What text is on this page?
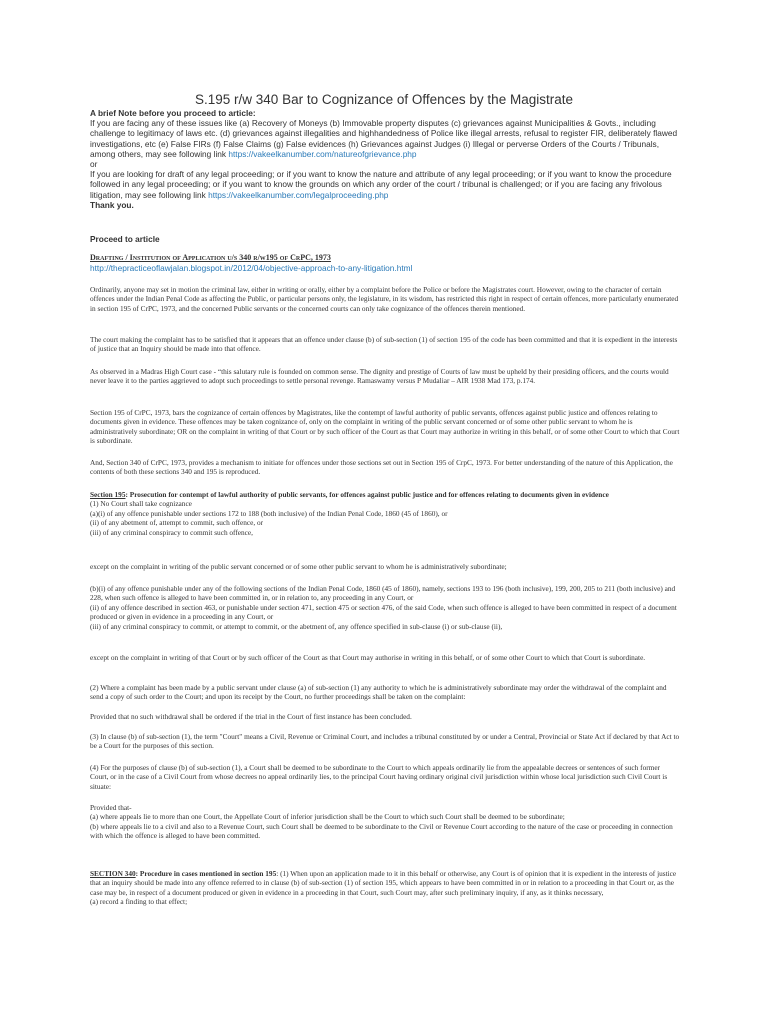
S.195 r/w 340 Bar to Cognizance of Offences by the Magistrate
A brief Note before you proceed to article:
If you are facing any of these issues like (a) Recovery of Moneys (b) Immovable property disputes (c) grievances against Municipalities & Govts., including challenge to legitimacy of laws etc. (d) grievances against illegalities and highhandedness of Police like illegal arrests, refusal to register FIR, deliberately flawed investigations, etc (e) False FIRs (f) False Claims (g) False evidences (h) Grievances against Judges (i) Illegal or perverse Orders of the Courts / Tribunals, among others, may see following link https://vakeelkanumber.com/natureofgrievance.php
or
If you are looking for draft of any legal proceeding; or if you want to know the nature and attribute of any legal proceeding; or if you want to know the procedure followed in any legal proceeding; or if you want to know the grounds on which any order of the court / tribunal is challenged; or if you are facing any frivolous litigation, may see following link https://vakeelkanumber.com/legalproceeding.php
Thank you.
Proceed to article
Drafting / Institution of Application u/s 340 r/w195 of CrPC, 1973
http://thepracticeoflawjalan.blogspot.in/2012/04/objective-approach-to-any-litigation.html
Ordinarily, anyone may set in motion the criminal law, either in writing or orally, either by a complaint before the Police or before the Magistrates court. However, owing to the character of certain offences under the Indian Penal Code as affecting the Public, or particular persons only, the legislature, in its wisdom, has restricted this right in respect of certain offences, more particularly enumerated in section 195 of CrPC, 1973, and the concerned Public servants or the concerned courts can only take cognizance of the offences therein mentioned.
The court making the complaint has to be satisfied that it appears that an offence under clause (b) of sub-section (1) of section 195 of the code has been committed and that it is expedient in the interests of justice that an Inquiry should be made into that offence.
As observed in a Madras High Court case - “this salutary rule is founded on common sense. The dignity and prestige of Courts of law must be upheld by their presiding officers, and the courts would never leave it to the parties aggrieved to adopt such proceedings to settle personal revenge. Ramaswamy versus P Mudaliar – AIR 1938 Mad 173, p.174.
Section 195 of CrPC, 1973, bars the cognizance of certain offences by Magistrates, like the contempt of lawful authority of public servants, offences against public justice and offences relating to documents given in evidence. These offences may be taken cognizance of, only on the complaint in writing of the public servant concerned or of some other public servant to whom he is administratively subordinate; OR on the complaint in writing of that Court or by such officer of the Court as that Court may authorize in writing in this behalf, or of some other Court to which that Court is subordinate.
And, Section 340 of CrPC, 1973, provides a mechanism to initiate for offences under those sections set out in Section 195 of CrpC, 1973. For better understanding of the nature of this Application, the contents of both these sections 340 and 195 is reproduced.
Section 195: Prosecution for contempt of lawful authority of public servants, for offences against public justice and for offences relating to documents given in evidence
(1) No Court shall take cognizance
(a)(i) of any offence punishable under sections 172 to 188 (both inclusive) of the Indian Penal Code, 1860 (45 of 1860), or
(ii) of any abetment of, attempt to commit, such offence, or
(iii) of any criminal conspiracy to commit such offence,
except on the complaint in writing of the public servant concerned or of some other public servant to whom he is administratively subordinate;
(b)(i) of any offence punishable under any of the following sections of the Indian Penal Code, 1860 (45 of 1860), namely, sections 193 to 196 (both inclusive), 199, 200, 205 to 211 (both inclusive) and 228, when such offence is alleged to have been committed in, or in relation to, any proceeding in any Court, or
(ii) of any offence described in section 463, or punishable under section 471, section 475 or section 476, of the said Code, when such offence is alleged to have been committed in respect of a document produced or given in evidence in a proceeding in any Court, or
(iii) of any criminal conspiracy to commit, or attempt to commit, or the abetment of, any offence specified in sub-clause (i) or sub-clause (ii),
except on the complaint in writing of that Court or by such officer of the Court as that Court may authorise in writing in this behalf, or of some other Court to which that Court is subordinate.
(2) Where a complaint has been made by a public servant under clause (a) of sub-section (1) any authority to which he is administratively subordinate may order the withdrawal of the complaint and send a copy of such order to the Court; and upon its receipt by the Court, no further proceedings shall be taken on the complaint:
Provided that no such withdrawal shall be ordered if the trial in the Court of first instance has been concluded.
(3) In clause (b) of sub-section (1), the term "Court" means a Civil, Revenue or Criminal Court, and includes a tribunal constituted by or under a Central, Provincial or State Act if declared by that Act to be a Court for the purposes of this section.
(4) For the purposes of clause (b) of sub-section (1), a Court shall be deemed to be subordinate to the Court to which appeals ordinarily lie from the appealable decrees or sentences of such former Court, or in the case of a Civil Court from whose decrees no appeal ordinarily lies, to the principal Court having ordinary original civil jurisdiction within whose local jurisdiction such Civil Court is situate:
Provided that-
(a) where appeals lie to more than one Court, the Appellate Court of inferior jurisdiction shall be the Court to which such Court shall be deemed to be subordinate;
(b) where appeals lie to a civil and also to a Revenue Court, such Court shall be deemed to be subordinate to the Civil or Revenue Court according to the nature of the case or proceeding in connection with which the offence is alleged to have been committed.
SECTION 340: Procedure in cases mentioned in section 195: (1) When upon an application made to it in this behalf or otherwise, any Court is of opinion that it is expedient in the interests of justice that an inquiry should be made into any offence referred to in clause (b) of sub-section (1) of section 195, which appears to have been committed in or in relation to a proceeding in that Court or, as the case may be, in respect of a document produced or given in evidence in a proceeding in that Court, such Court may, after such preliminary inquiry, if any, as it thinks necessary,
(a) record a finding to that effect;
